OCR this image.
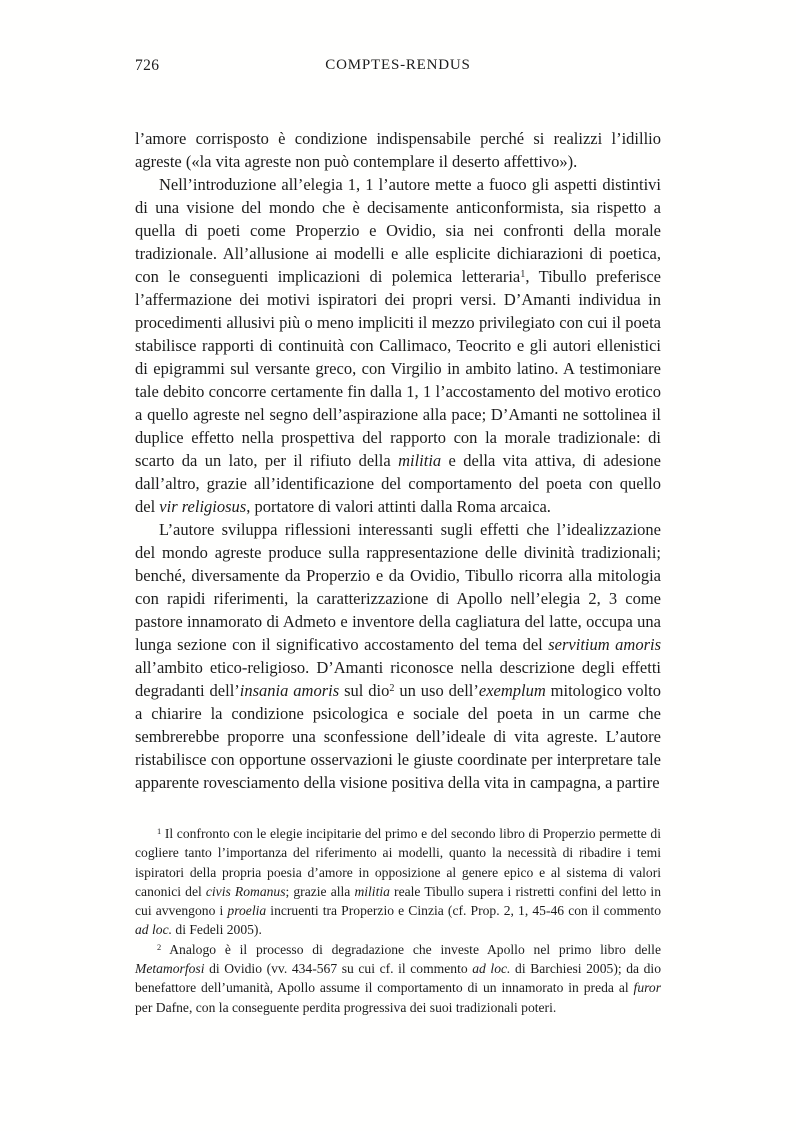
726	COMPTES-RENDUS

l’amore corrisposto è condizione indispensabile perché si realizzi l’idillio agreste («la vita agreste non può contemplare il deserto affettivo»).

Nell’introduzione all’elegia 1, 1 l’autore mette a fuoco gli aspetti distintivi di una visione del mondo che è decisamente anticonformista, sia rispetto a quella di poeti come Properzio e Ovidio, sia nei confronti della morale tradizionale. All’allusione ai modelli e alle esplicite dichiarazioni di poetica, con le conseguenti implicazioni di polemica letteraria$^1$, Tibullo preferisce l’affermazione dei motivi ispiratori dei propri versi. D’Amanti individua in procedimenti allusivi più o meno impliciti il mezzo privilegiato con cui il poeta stabilisce rapporti di continuità con Callimaco, Teocrito e gli autori ellenistici di epigrammi sul versante greco, con Virgilio in ambito latino. A testimoniare tale debito concorre certamente fin dalla 1, 1 l’accostamento del motivo erotico a quello agreste nel segno dell’aspirazione alla pace; D’Amanti ne sottolinea il duplice effetto nella prospettiva del rapporto con la morale tradizionale: di scarto da un lato, per il rifiuto della militia e della vita attiva, di adesione dall’altro, grazie all’identificazione del comportamento del poeta con quello del vir religiosus, portatore di valori attinti dalla Roma arcaica.

L’autore sviluppa riflessioni interessanti sugli effetti che l’idealizzazione del mondo agreste produce sulla rappresentazione delle divinità tradizionali; benché, diversamente da Properzio e da Ovidio, Tibullo ricorra alla mitologia con rapidi riferimenti, la caratterizzazione di Apollo nell’elegia 2, 3 come pastore innamorato di Admeto e inventore della cagliatura del latte, occupa una lunga sezione con il significativo accostamento del tema del servitium amoris all’ambito etico-religioso. D’Amanti riconosce nella descrizione degli effetti degradanti dell’insania amoris sul dio$^2$ un uso dell’exemplum mitologico volto a chiarire la condizione psicologica e sociale del poeta in un carme che sembrerebbe proporre una sconfessione dell’ideale di vita agreste. L’autore ristabilisce con opportune osservazioni le giuste coordinate per interpretare tale apparente rovesciamento della visione positiva della vita in campagna, a partire

$^1$ Il confronto con le elegie incipitarie del primo e del secondo libro di Properzio permette di cogliere tanto l’importanza del riferimento ai modelli, quanto la necessità di ribadire i temi ispiratori della propria poesia d’amore in opposizione al genere epico e al sistema di valori canonici del civis Romanus; grazie alla militia reale Tibullo supera i ristretti confini del letto in cui avvengono i proelia incruenti tra Properzio e Cinzia (cf. Prop. 2, 1, 45-46 con il commento ad loc. di Fedeli 2005).

$^2$ Analogo è il processo di degradazione che investe Apollo nel primo libro delle Metamorfosi di Ovidio (vv. 434-567 su cui cf. il commento ad loc. di Barchiesi 2005); da dio benefattore dell’umanità, Apollo assume il comportamento di un innamorato in preda al furor per Dafne, con la conseguente perdita progressiva dei suoi tradizionali poteri.
